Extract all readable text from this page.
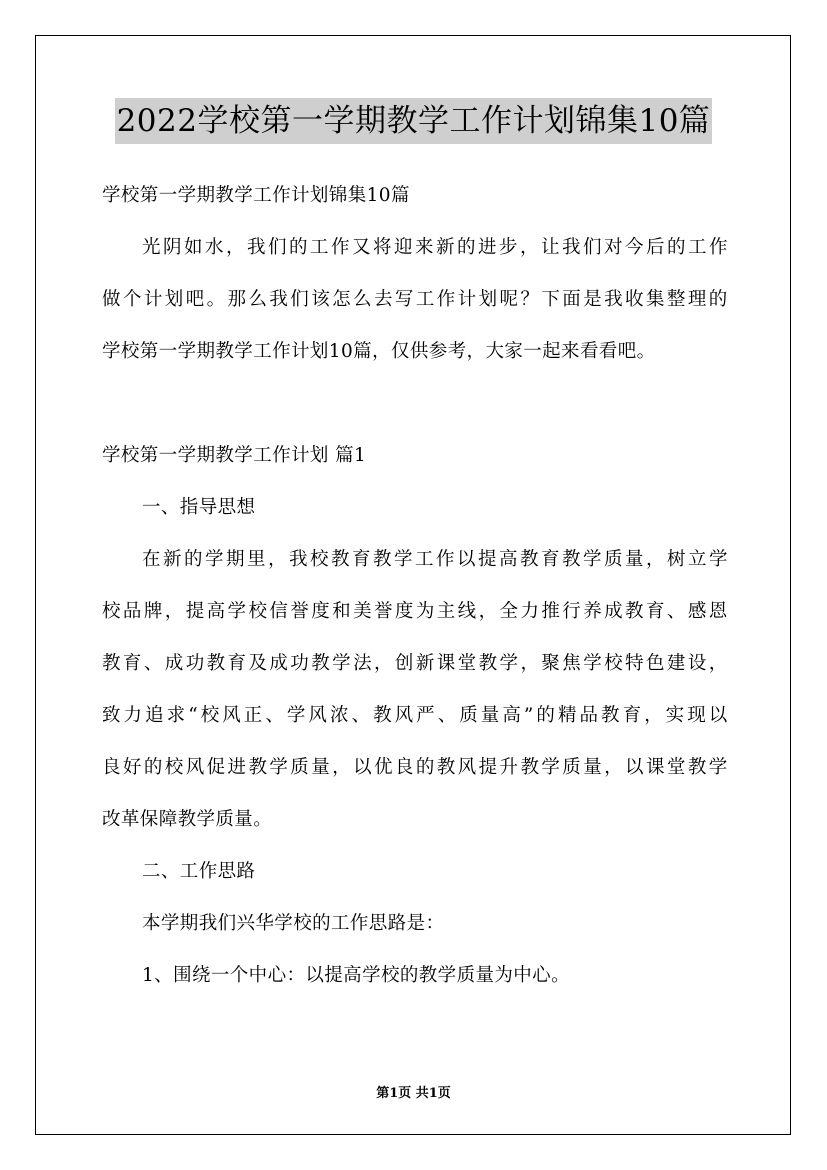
2022学校第一学期教学工作计划锦集10篇
学校第一学期教学工作计划锦集10篇
光 阴 如 水 ， 我 们 的 工 作 又 将 迎 来 新 的 进 步 ， 让 我 们 对 今 后 的 工 作
做 个 计 划 吧 。 那 么 我 们 该 怎 么 去 写 工 作 计 划 呢 ？ 下 面 是 我 收 集 整 理 的
学校第一学期教学工作计划10篇，仅供参考，大家一起来看看吧。
学校第一学期教学工作计划 篇1
一、指导思想
在 新 的 学 期 里 ， 我 校 教 育 教 学 工 作 以 提 高 教 育 教 学 质 量 ， 树 立 学
校 品 牌 ， 提 高 学 校 信 誉 度 和 美 誉 度 为 主 线 ， 全 力 推 行 养 成 教 育 、 感 恩
教 育 、 成 功 教 育 及 成 功 教 学 法 ， 创 新 课 堂 教 学 ， 聚 焦 学 校 特 色 建 设 ，
致 力 追 求 “ 校 风 正 、 学 风 浓 、 教 风 严 、 质 量 高 ” 的 精 品 教 育 ， 实 现 以
良 好 的 校 风 促 进 教 学 质 量 ， 以 优 良 的 教 风 提 升 教 学 质 量 ， 以 课 堂 教 学
改革保障教学质量。
二、工作思路
本学期我们兴华学校的工作思路是：
1、围绕一个中心：以提高学校的教学质量为中心。
第1页 共1页
